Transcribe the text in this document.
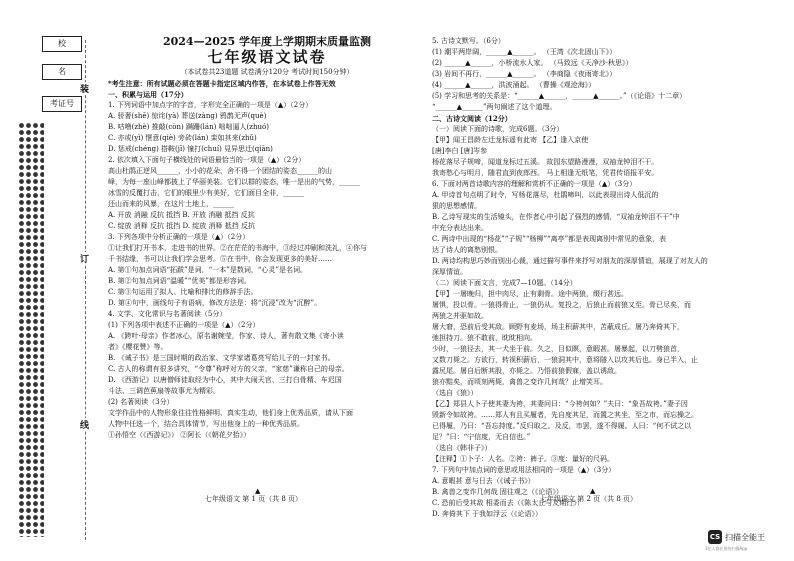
校
名
考证号
装
订
线

2024—2025 学年度上学期期末质量监测

七年级语文试卷

（本试卷共23道题 试卷满分120分 考试时间150分钟）

*考生注意：所有试题必须在答题卡指定区域内作答，在本试卷上作答无效

一、积累与运用（17分）

1. 下列词语中加点字的字音，字形完全正确的一项是（▲）（2分）

A. 骄奢(shē) 惊诧(yà) 葬送(zàng) 鸦鹊无声(què)

B. 咕噜(zhè) 推敲(còn) 蹒跚(lán) 咄咄逼人(zhuó)

C. 亦或(yì) 惬意(qiè) 旁砖(lán) 栾如其来(zhǔ)

D. 惩戒(chéng) 搭鞍(jī) 憧打(chuí) 見异思迁(qiān)

2. 依次填入下面句子横线处的词语最恰当的一项是（▲）（2分）

高山杜鹃正逆风______，小小的花朵，舍不得一个团结的姿态______的山

峰，为每一座山峰都披上了华丽美装。它们以群的姿态，唯一是出的气势，______

冰雪的反覆打击，它们的眼里少有美好，它们面目全非，______

还山而来的风暴，在这片土地上，______

A. 开放 消融 反抗 抵挡 B. 开放 消融 抵挡 反抗

C. 绽放 消释 反抗 抵挡 D. 绽放 消释 抵挡 反抗

3. 下列各项中分析正确的一项是（▲）（2分）

①让我们打开书本，走进书的世界。②在茫茫的书海中，③经过冲刷和洗礼，④你与

千书结缘，书可以让我们学会思考。⑤在书中，你会发现更多的美好……

A. 第①句加点词语“拓跋”是词，“一本”是数词，“心灵”是名词。

B. 第②句加点词语“温暖”“优美”都是形容词。

C. 第③句运用了拟人、比喻和排比的修辞手法。

D. 第④句中，画线句子有语病，修改方法是：将“沉浸”改为“沉醉”。

4. 文学、文化常识与名著阅读（5分）

(1) 下列各项中表述不正确的一项是（▲）（2分）

A. 《跨叶·母亲》作者冰心，原名谢婉莹，作家、诗人，著有散文集《寄小读

者》《樱花赞》等。

B. 《诫子书》是三国时期的政治家、文学家诸葛亮写给儿子的一封家书。

C. 古人的称谓有很多讲究，“令尊”称呼对方的父亲，“家慈”谦称自己的母亲。

D. 《西游记》以唐僧师徒取经为中心，其中大闹天宫、三打白骨精、车迟国

斗法、三调芭蕉扇等故事尤为精彩。

(2) 名著阅读（3分）

文学作品中的人物形象往往性格鲜明、真实生动，他们身上优秀品质，请从下面

人物中任选一个，结合具体情节，写出他身上的一种优秀品质。

①孙悟空（《西游记》） ②阿长（《朝花夕拾》）

5. 古诗文默写。（6分）

(1) 潮平两岸阔，______▲______。 （王湾《次北固山下》）

(2) ______▲______，小桥流水人家。 （马致远《天净沙·秋思》）

(3) 岩间不再行，______▲______。 （李商隐《夜雨寄北》）

(4) ______▲______，洪波涌起。 （曹操《观沧海》）

(5) 学习和思考的关系是：“______▲______，______▲______。”（《论语》十二章）

“______▲______”两句阐述了这个道理。

二、古诗文阅读（12分）

（一）阅读下面的诗歌，完成6题。（3分）

【甲】闻王昌龄左迁龙标遥有此寄 【乙】逢入京使

[唐]李白 [唐]岑参

杨花落尽子规啼，闻道龙标过五溪。 故园东望路漫漫，双袖龙钟泪不干。

我寄愁心与明月，随君直到夜郎西。 马上相逢无纸笔，凭君传语报平安。

6. 下面对两首诗歌内容的理解和赏析不正确的一项是（▲）（3分）

A. 甲诗首句点明了时令，写杨花落尽，杜鹃啼叫，以此表现出诗人低沉的

狠的思想感情。

B. 乙诗写现实的生活镜头，在作者心中引起了强烈的感情，“双袖龙钟泪不干”中

中充分表达出来。

C. 两诗中出现的“杨花”“子规”“杨柳”“离亭”都是表现离别中常见的意象，表

达了诗人的离愁别恨。

D. 两诗均构思巧妙而别出心裁，通过描写事件来抒写对朋友的深厚情谊，展现了对友人的

深厚情谊。

（二）阅读下面文言，完成7—10题。（14分）

【甲】一屠晚归，担中肉尽，止有剩骨。途中两狼，缀行甚远。

屠惧，投以骨。一狼得骨止，一狼仍从。复投之，后狼止而前狼又至。骨已尽矣，而

两狼之并驱如故。

屠大窘，恐前后受其敌。顾野有麦场，场主积薪其中，苫蔽成丘。屠乃奔倚其下，

弛担持刀。狼不敢前，眈眈相向。

少时，一狼径去，其一犬坐于前。久之，目似瞑，意暇甚。屠暴起，以刀劈狼首，

又数刀毙之。方欲行，转视积薪后，一狼洞其中，意将隧入以攻其后也。身已半入，止

露尻尾。屠自后断其股，亦毙之。乃悟前狼假寐，盖以诱敌。

狼亦黠矣，而顷刻两毙，禽兽之变诈几何哉？止增笑耳。

（选自《狼》）

【乙】郑县人卜子使其妻为袴，其妻问曰：“今袴何如？”夫曰：“象吾故袴。”妻子因

毁新令如故袴。……郑人有且买履者，先自度其足，而置之其坐，至之市，而忘操之。

已得履，乃曰：“吾忘持度。”反归取之。及反，市罢，遂不得履。人曰：“何不试之以

足？”曰：“宁信度，无自信也。”

（选自《韩非子》）

【注释】①卜子：人名。②袴：裤子。③度：量好的尺码。

7. 下列句中加点词的意思或用法相同的一项是（▲）（3分）

A. 意暇甚 意与日去（《诫子书》）

B. 禽兽之变诈几何哉 固往观之（《论语》）

C. 恐前后受其敌 相委而去（《陈太丘与友期行》）

D. 奔倚其下 于我如浮云（《论语》）

▲	▲
七年级语文 第 1 页（共 8 页）	七年级语文 第 2 页（共 8 页）
CS 扫描全能王
3亿人都在用的扫描App
